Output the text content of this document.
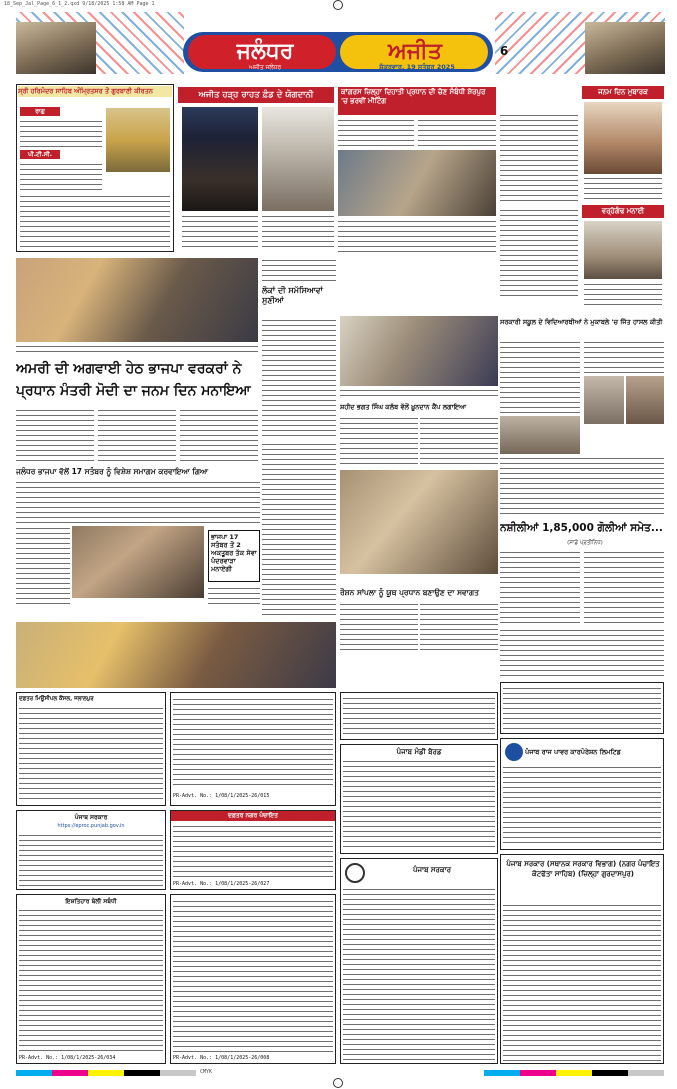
18_Sep_Jal_Page_6_1_2.qxd 9/18/2025 1:58 AM Page 1
ਜਲੰਧਰ	ਅਜੀਤ
ਅਜੀਤ ਜਲੰਧਰ	ਸ਼ੁੱਕਰਵਾਰ, 19 ਸਤੰਬਰ 2025
6
ਸ੍ਰੀ ਹਰਿਮੰਦਰ ਸਾਹਿਬ ਅੰਮ੍ਰਿਤਸਰ ਤੋਂ ਗੁਰਬਾਣੀ ਕੀਰਤਨ
ਰਾਗੁ
ਪੀ.ਟੀ.ਸੀ.
ਅਜੀਤ ਹੜ੍ਹ ਰਾਹਤ ਫ਼ੰਡ ਦੇ ਯੋਗਦਾਨੀ	ਕਾਂਗਰਸ ਜ਼ਿਲ੍ਹਾ ਦਿਹਾਤੀ ਪ੍ਰਧਾਨ ਦੀ ਚੋਣ ਸੰਬੰਧੀ ਸ਼ੇਰਪੁਰ 'ਚ ਭਰਵੀਂ ਮੀਟਿੰਗ
ਜਨਮ ਦਿਨ ਮੁਬਾਰਕ
ਵਰ੍ਹੇਗੰਢ ਮਨਾਈ
ਲੋਕਾਂ ਦੀ ਸਮੱਸਿਆਵਾਂ ਸੁਣੀਆਂ
ਅਮਰੀ ਦੀ ਅਗਵਾਈ ਹੇਠ ਭਾਜਪਾ ਵਰਕਰਾਂ ਨੇ ਪ੍ਰਧਾਨ ਮੰਤਰੀ ਮੋਦੀ ਦਾ ਜਨਮ ਦਿਨ ਮਨਾਇਆ
ਜਲੰਧਰ ਭਾਜਪਾ ਵੱਲੋਂ 17 ਸਤੰਬਰ ਨੂੰ ਵਿਸ਼ੇਸ਼ ਸਮਾਗਮ ਕਰਵਾਇਆ ਗਿਆ
ਭਾਜਪਾ 17 ਸਤੰਬਰ ਤੋਂ 2 ਅਕਤੂਬਰ ਤੱਕ ਸੇਵਾ ਪੰਦਰਵਾੜਾ ਮਨਾਏਗੀ
ਸ਼ਹੀਦ ਭਗਤ ਸਿੰਘ ਕਲੱਬ ਵੱਲੋਂ ਖ਼ੂਨਦਾਨ ਕੈਂਪ ਲਗਾਇਆ
ਰੌਸ਼ਨ ਸਾਂਪਲਾ ਨੂੰ ਯੂਥ ਪ੍ਰਧਾਨ ਬਣਾਉਣ ਦਾ ਸਵਾਗਤ
ਸਰਕਾਰੀ ਸਕੂਲ ਦੇ ਵਿਦਿਆਰਥੀਆਂ ਨੇ ਮੁਕਾਬਲੇ 'ਚ ਜਿੱਤ ਹਾਸਲ ਕੀਤੀ
ਨਸ਼ੀਲੀਆਂ 1,85,000 ਗੋਲੀਆਂ ਸਮੇਤ...
(ਸਾਡੇ ਪ੍ਰਤੀਨਿਧ)
ਦਫ਼ਤਰ ਮਿਊਂਸੀਪਲ ਕੌਂਸਲ, ਜਲਾਲਪੁਰ
PR-Advt. No.: 1/08/1/2025-26/015
ਪੰਜਾਬ ਸਰਕਾਰ
https://eproc.punjab.gov.in
ਦਫ਼ਤਰ ਨਗਰ ਪੰਚਾਇਤ
PR-Advt. No.: 1/08/1/2025-26/027
ਪੰਜਾਬ ਮੰਡੀ ਬੋਰਡ	ਪੰਜਾਬ ਰਾਜ ਪਾਵਰ ਕਾਰਪੋਰੇਸ਼ਨ ਲਿਮਟਿਡ
ਇਸ਼ਤਿਹਾਰ ਬੋਲੀ ਸਬੰਧੀ
PR-Advt. No.: 1/08/1/2025-26/034	PR-Advt. No.: 1/08/1/2025-26/008
ਪੰਜਾਬ ਸਰਕਾਰ
ਪੰਜਾਬ ਸਰਕਾਰ (ਸਥਾਨਕ ਸਰਕਾਰ ਵਿਭਾਗ) (ਨਗਰ ਪੰਚਾਇਤ ਕੋਟਫੱਤਾ ਸਾਹਿਬ) (ਜ਼ਿਲ੍ਹਾ ਗੁਰਦਾਸਪੁਰ)
CMYK
